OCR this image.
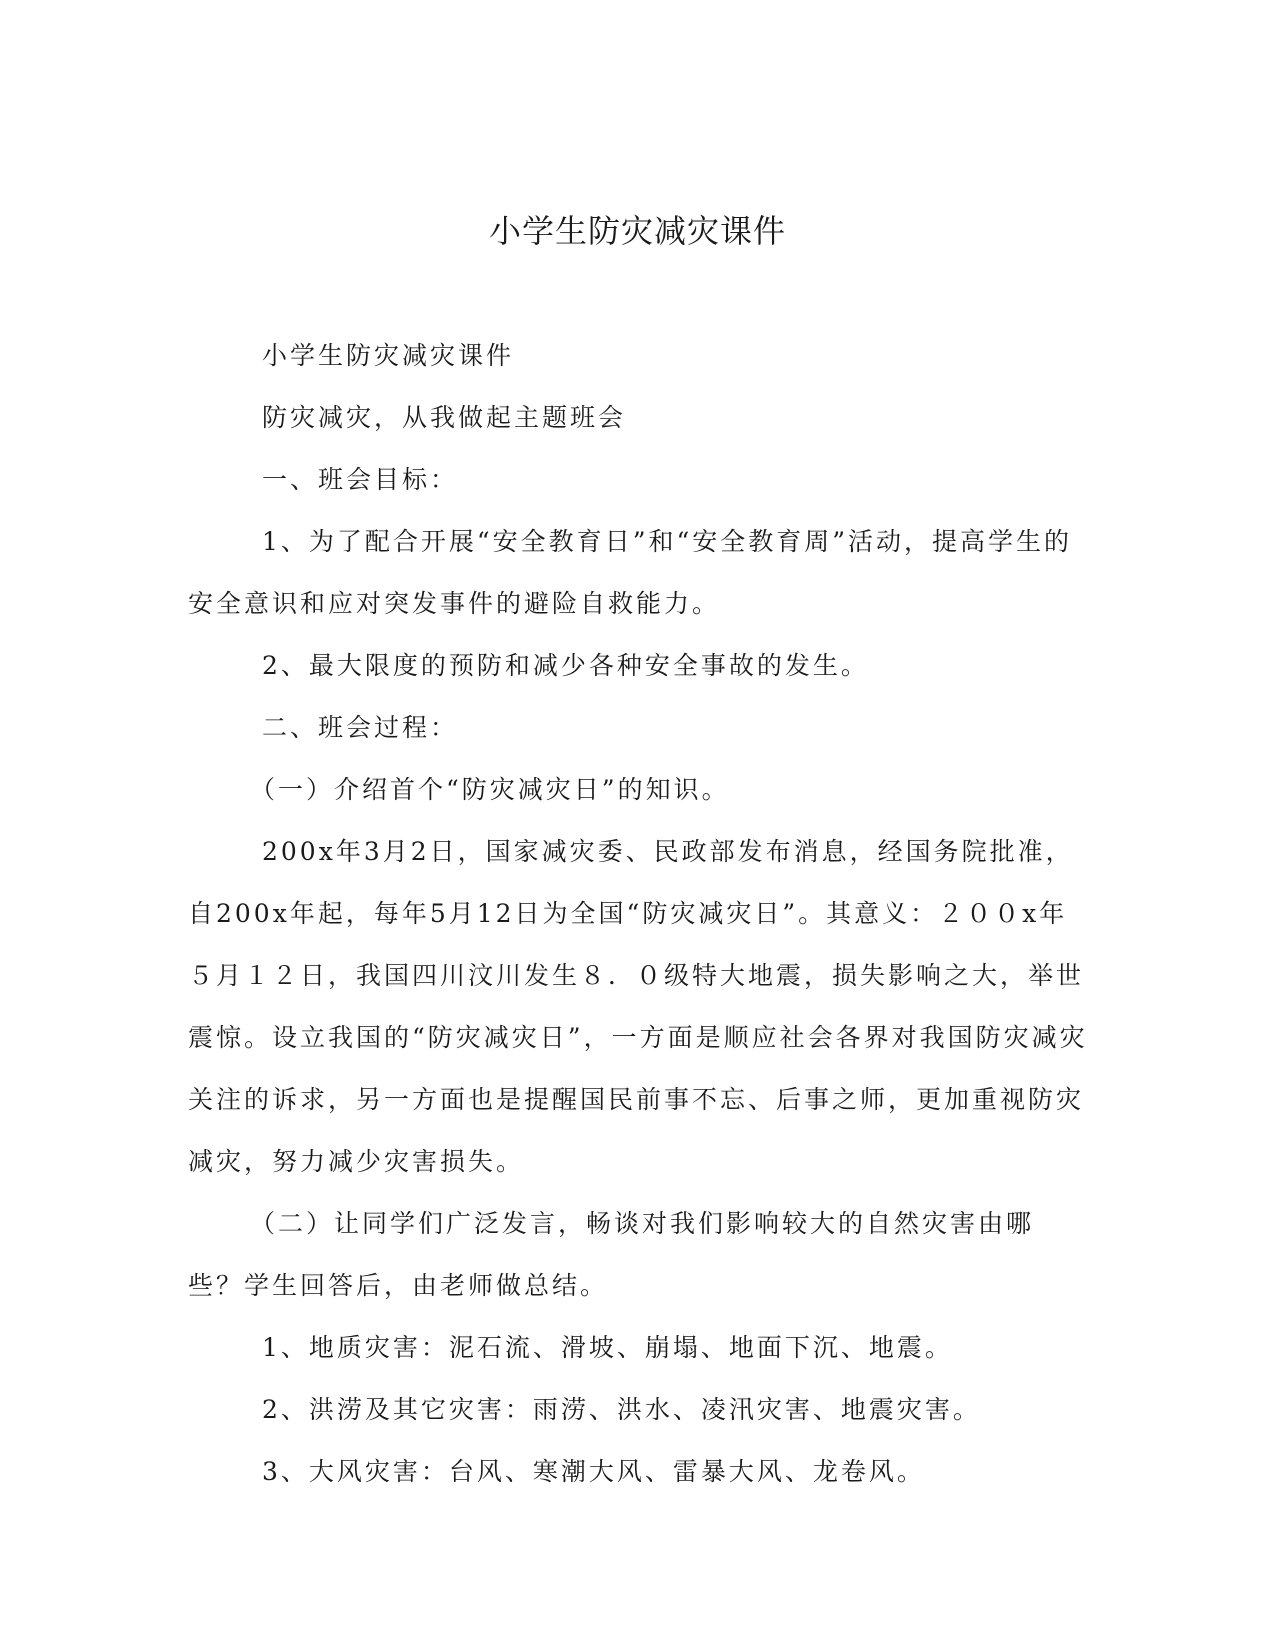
小学生防灾减灾课件

小学生防灾减灾课件

防灾减灾，从我做起主题班会

一、班会目标：

1、为了配合开展“安全教育日”和“安全教育周”活动，提高学生的安全意识和应对突发事件的避险自救能力。

2、最大限度的预防和减少各种安全事故的发生。

二、班会过程：

（一）介绍首个“防灾减灾日”的知识。

200x年3月2日，国家减灾委、民政部发布消息，经国务院批准，自200x年起，每年5月12日为全国“防灾减灾日”。其意义：２００x年５月１２日，我国四川汶川发生８．０级特大地震，损失影响之大，举世震惊。设立我国的“防灾减灾日”，一方面是顺应社会各界对我国防灾减灾关注的诉求，另一方面也是提醒国民前事不忘、后事之师，更加重视防灾减灾，努力减少灾害损失。

（二）让同学们广泛发言，畅谈对我们影响较大的自然灾害由哪些？学生回答后，由老师做总结。

1、地质灾害：泥石流、滑坡、崩塌、地面下沉、地震。

2、洪涝及其它灾害：雨涝、洪水、凌汛灾害、地震灾害。

3、大风灾害：台风、寒潮大风、雷暴大风、龙卷风。
